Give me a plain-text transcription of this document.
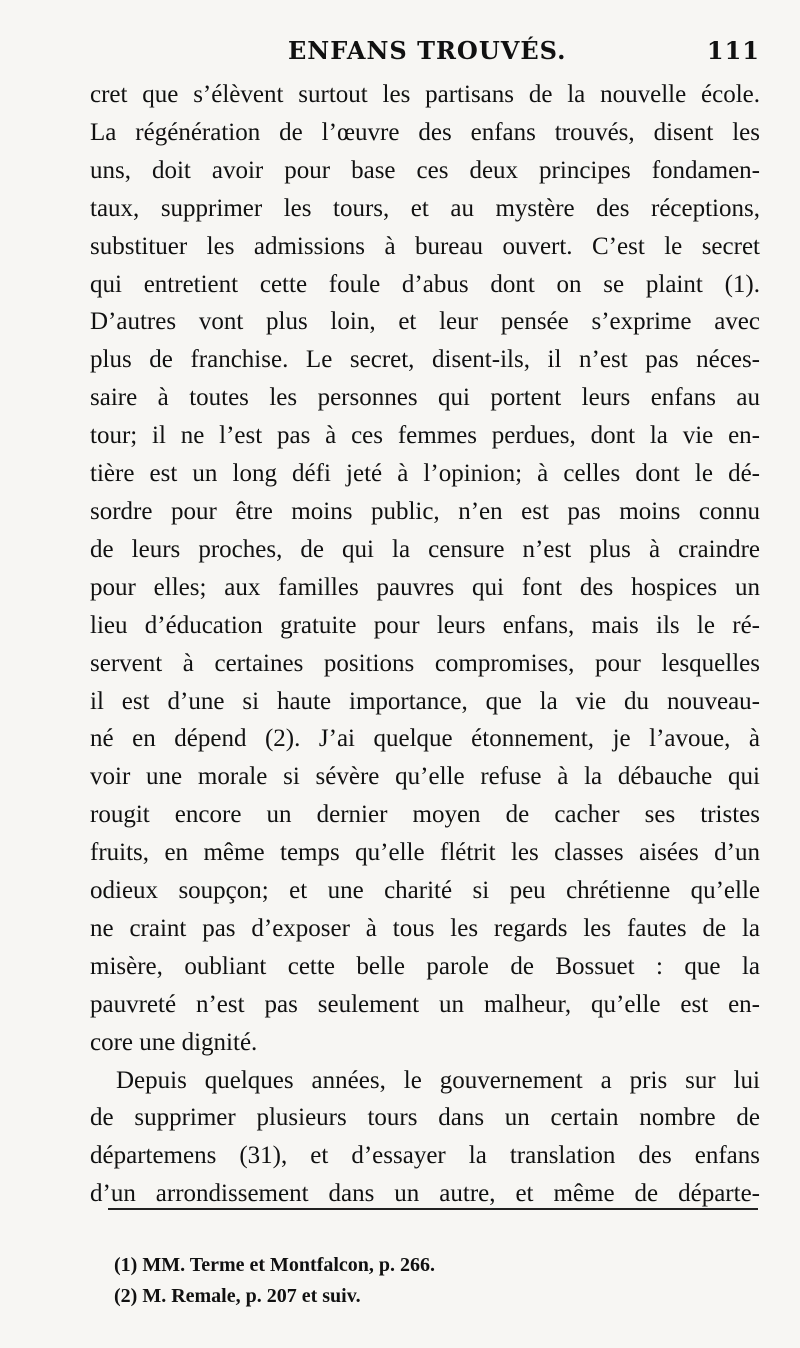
ENFANS TROUVÉS.	111
cret que s’élèvent surtout les partisans de la nouvelle école.
La régénération de l’œuvre des enfans trouvés, disent les
uns, doit avoir pour base ces deux principes fondamen-
taux, supprimer les tours, et au mystère des réceptions,
substituer les admissions à bureau ouvert. C’est le secret
qui entretient cette foule d’abus dont on se plaint (1).
D’autres vont plus loin, et leur pensée s’exprime avec
plus de franchise. Le secret, disent-ils, il n’est pas néces-
saire à toutes les personnes qui portent leurs enfans au
tour; il ne l’est pas à ces femmes perdues, dont la vie en-
tière est un long défi jeté à l’opinion; à celles dont le dé-
sordre pour être moins public, n’en est pas moins connu
de leurs proches, de qui la censure n’est plus à craindre
pour elles; aux familles pauvres qui font des hospices un
lieu d’éducation gratuite pour leurs enfans, mais ils le ré-
servent à certaines positions compromises, pour lesquelles
il est d’une si haute importance, que la vie du nouveau-
né en dépend (2). J’ai quelque étonnement, je l’avoue, à
voir une morale si sévère qu’elle refuse à la débauche qui
rougit encore un dernier moyen de cacher ses tristes
fruits, en même temps qu’elle flétrit les classes aisées d’un
odieux soupçon; et une charité si peu chrétienne qu’elle
ne craint pas d’exposer à tous les regards les fautes de la
misère, oubliant cette belle parole de Bossuet : que la
pauvreté n’est pas seulement un malheur, qu’elle est en-
core une dignité.
Depuis quelques années, le gouvernement a pris sur lui
de supprimer plusieurs tours dans un certain nombre de
départemens (31), et d’essayer la translation des enfans
d’un arrondissement dans un autre, et même de départe-
(1) MM. Terme et Montfalcon, p. 266.
(2) M. Remale, p. 207 et suiv.
